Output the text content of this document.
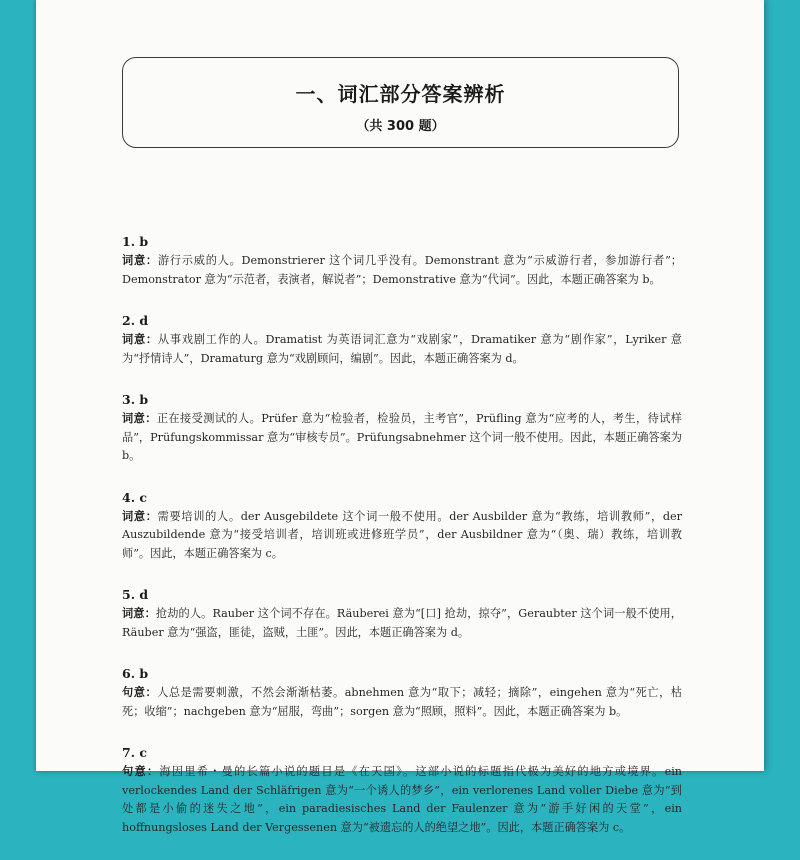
一、词汇部分答案辨析
（共 300 题）
1. b
词意：游行示威的人。Demonstrierer 这个词几乎没有。Demonstrant 意为“示威游行者，参加游行者”；Demonstrator 意为“示范者，表演者，解说者”；Demonstrative 意为“代词”。因此，本题正确答案为 b。
2. d
词意：从事戏剧工作的人。Dramatist 为英语词汇意为“戏剧家”，Dramatiker 意为“剧作家”，Lyriker 意为“抒情诗人”，Dramaturg 意为“戏剧顾问，编剧”。因此，本题正确答案为 d。
3. b
词意：正在接受测试的人。Prüfer 意为“检验者，检验员，主考官”，Prüfling 意为“应考的人，考生，待试样品”，Prüfungskommissar 意为“审核专员”。Prüfungsabnehmer 这个词一般不使用。因此，本题正确答案为 b。
4. c
词意：需要培训的人。der Ausgebildete 这个词一般不使用。der Ausbilder 意为“教练，培训教师”，der Auszubildende 意为“接受培训者，培训班或进修班学员”，der Ausbildner 意为“（奥、瑞）教练，培训教师”。因此，本题正确答案为 c。
5. d
词意：抢劫的人。Rauber 这个词不存在。Räuberei 意为“[口] 抢劫，掠夺”，Geraubter 这个词一般不使用，Räuber 意为“强盗，匪徒，盗贼，土匪”。因此，本题正确答案为 d。
6. b
句意：人总是需要刺激，不然会渐渐枯萎。abnehmen 意为“取下；减轻；摘除”，eingehen 意为“死亡，枯死；收缩”；nachgeben 意为“屈服，弯曲”；sorgen 意为“照顾，照料”。因此，本题正确答案为 b。
7. c
句意：海因里希・曼的长篇小说的题目是《在天国》。这部小说的标题指代极为美好的地方或境界。ein verlockendes Land der Schläfrigen 意为“一个诱人的梦乡”，ein verlorenes Land voller Diebe 意为“到处都是小偷的迷失之地”，ein paradiesisches Land der Faulenzer 意为“游手好闲的天堂”，ein hoffnungsloses Land der Vergessenen 意为“被遗忘的人的绝望之地”。因此，本题正确答案为 c。
